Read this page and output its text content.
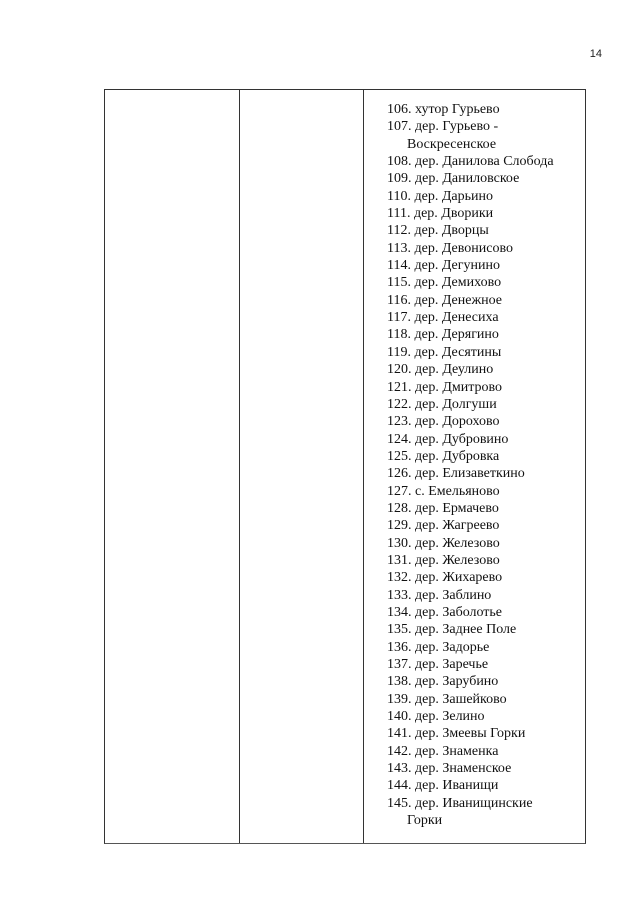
14
106. хутор Гурьево
107. дер. Гурьево -
Воскресенское
108. дер. Данилова Слобода
109. дер. Даниловское
110. дер. Дарьино
111. дер. Дворики
112. дер. Дворцы
113. дер. Девонисово
114. дер. Дегунино
115. дер. Демихово
116. дер. Денежное
117. дер. Денесиха
118. дер. Дерягино
119. дер. Десятины
120. дер. Деулино
121. дер. Дмитрово
122. дер. Долгуши
123. дер. Дорохово
124. дер. Дубровино
125. дер. Дубровка
126. дер. Елизаветкино
127. с. Емельяново
128. дер. Ермачево
129. дер. Жагреево
130. дер. Железово
131. дер. Железово
132. дер. Жихарево
133. дер. Заблино
134. дер. Заболотье
135. дер. Заднее Поле
136. дер. Задорье
137. дер. Заречье
138. дер. Зарубино
139. дер. Зашейково
140. дер. Зелино
141. дер. Змеевы Горки
142. дер. Знаменка
143. дер. Знаменское
144. дер. Иванищи
145. дер. Иванищинские
Горки
